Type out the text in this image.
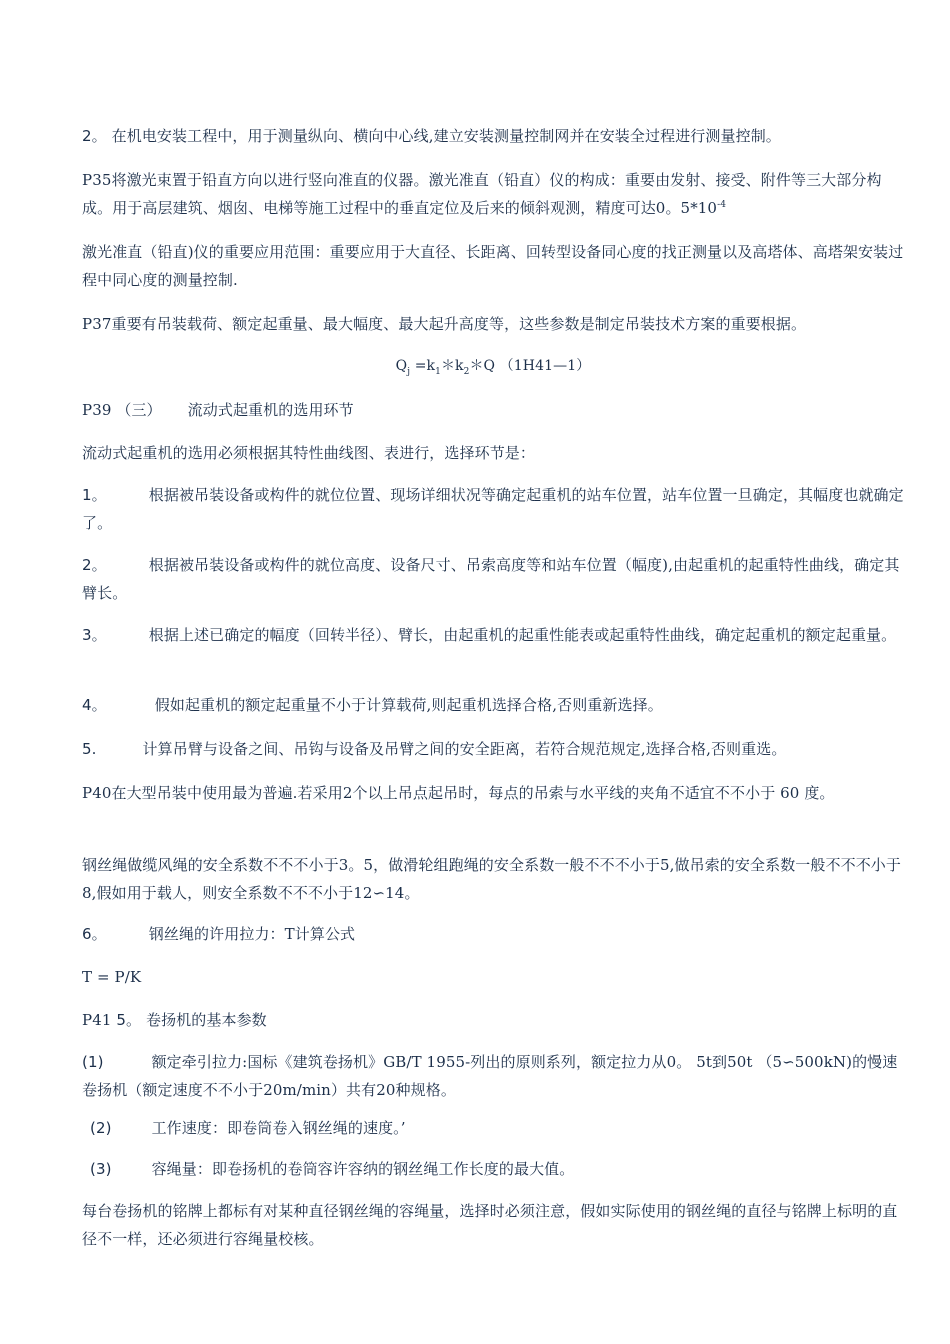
2。 在机电安装工程中，用于测量纵向、横向中心线,建立安装测量控制网并在安装全过程进行测量控制。

P35将激光束置于铅直方向以进行竖向准直的仪器。激光准直（铅直）仪的构成：重要由发射、接受、附件等三大部分构成。用于高层建筑、烟囱、电梯等施工过程中的垂直定位及后来的倾斜观测，精度可达0。$5*10^{-4}$

激光准直（铅直)仪的重要应用范围：重要应用于大直径、长距离、回转型设备同心度的找正测量以及高塔体、高塔架安装过程中同心度的测量控制.

P37重要有吊装载荷、额定起重量、最大幅度、最大起升高度等，这些参数是制定吊装技术方案的重要根据。

$Q_j$ $=k_1*k_2*Q$ （1H41—1）

P39 （三） 流动式起重机的选用环节

流动式起重机的选用必须根据其特性曲线图、表进行，选择环节是：

1。	根据被吊装设备或构件的就位位置、现场详细状况等确定起重机的站车位置，站车位置一旦确定，其幅度也就确定了。

2。	根据被吊装设备或构件的就位高度、设备尺寸、吊索高度等和站车位置（幅度),由起重机的起重特性曲线，确定其臂长。

3。	根据上述已确定的幅度（回转半径）、臂长，由起重机的起重性能表或起重特性曲线，确定起重机的额定起重量。

4。	假如起重机的额定起重量不小于计算载荷,则起重机选择合格,否则重新选择。

5.	计算吊臂与设备之间、吊钩与设备及吊臂之间的安全距离，若符合规范规定,选择合格,否则重选。

P40在大型吊装中使用最为普遍.若采用2个以上吊点起吊时，每点的吊索与水平线的夹角不适宜不不小于 60 度。

钢丝绳做缆风绳的安全系数不不不小于3。5，做滑轮组跑绳的安全系数一般不不不小于5,做吊索的安全系数一般不不不小于8,假如用于载人，则安全系数不不不小于12∽14。

6。	钢丝绳的许用拉力：T计算公式

T = P/K

P41 5。 卷扬机的基本参数

(1)	额定牵引拉力:国标《建筑卷扬机》GB/T 1955-列出的原则系列，额定拉力从0。 5t到50t （5∽500kN)的慢速卷扬机（额定速度不不小于20m/min）共有20种规格。

(2)	工作速度：即卷筒卷入钢丝绳的速度。’

(3)	容绳量：即卷扬机的卷筒容许容纳的钢丝绳工作长度的最大值。

每台卷扬机的铭牌上都标有对某种直径钢丝绳的容绳量，选择时必须注意，假如实际使用的钢丝绳的直径与铭牌上标明的直径不一样，还必须进行容绳量校核。
